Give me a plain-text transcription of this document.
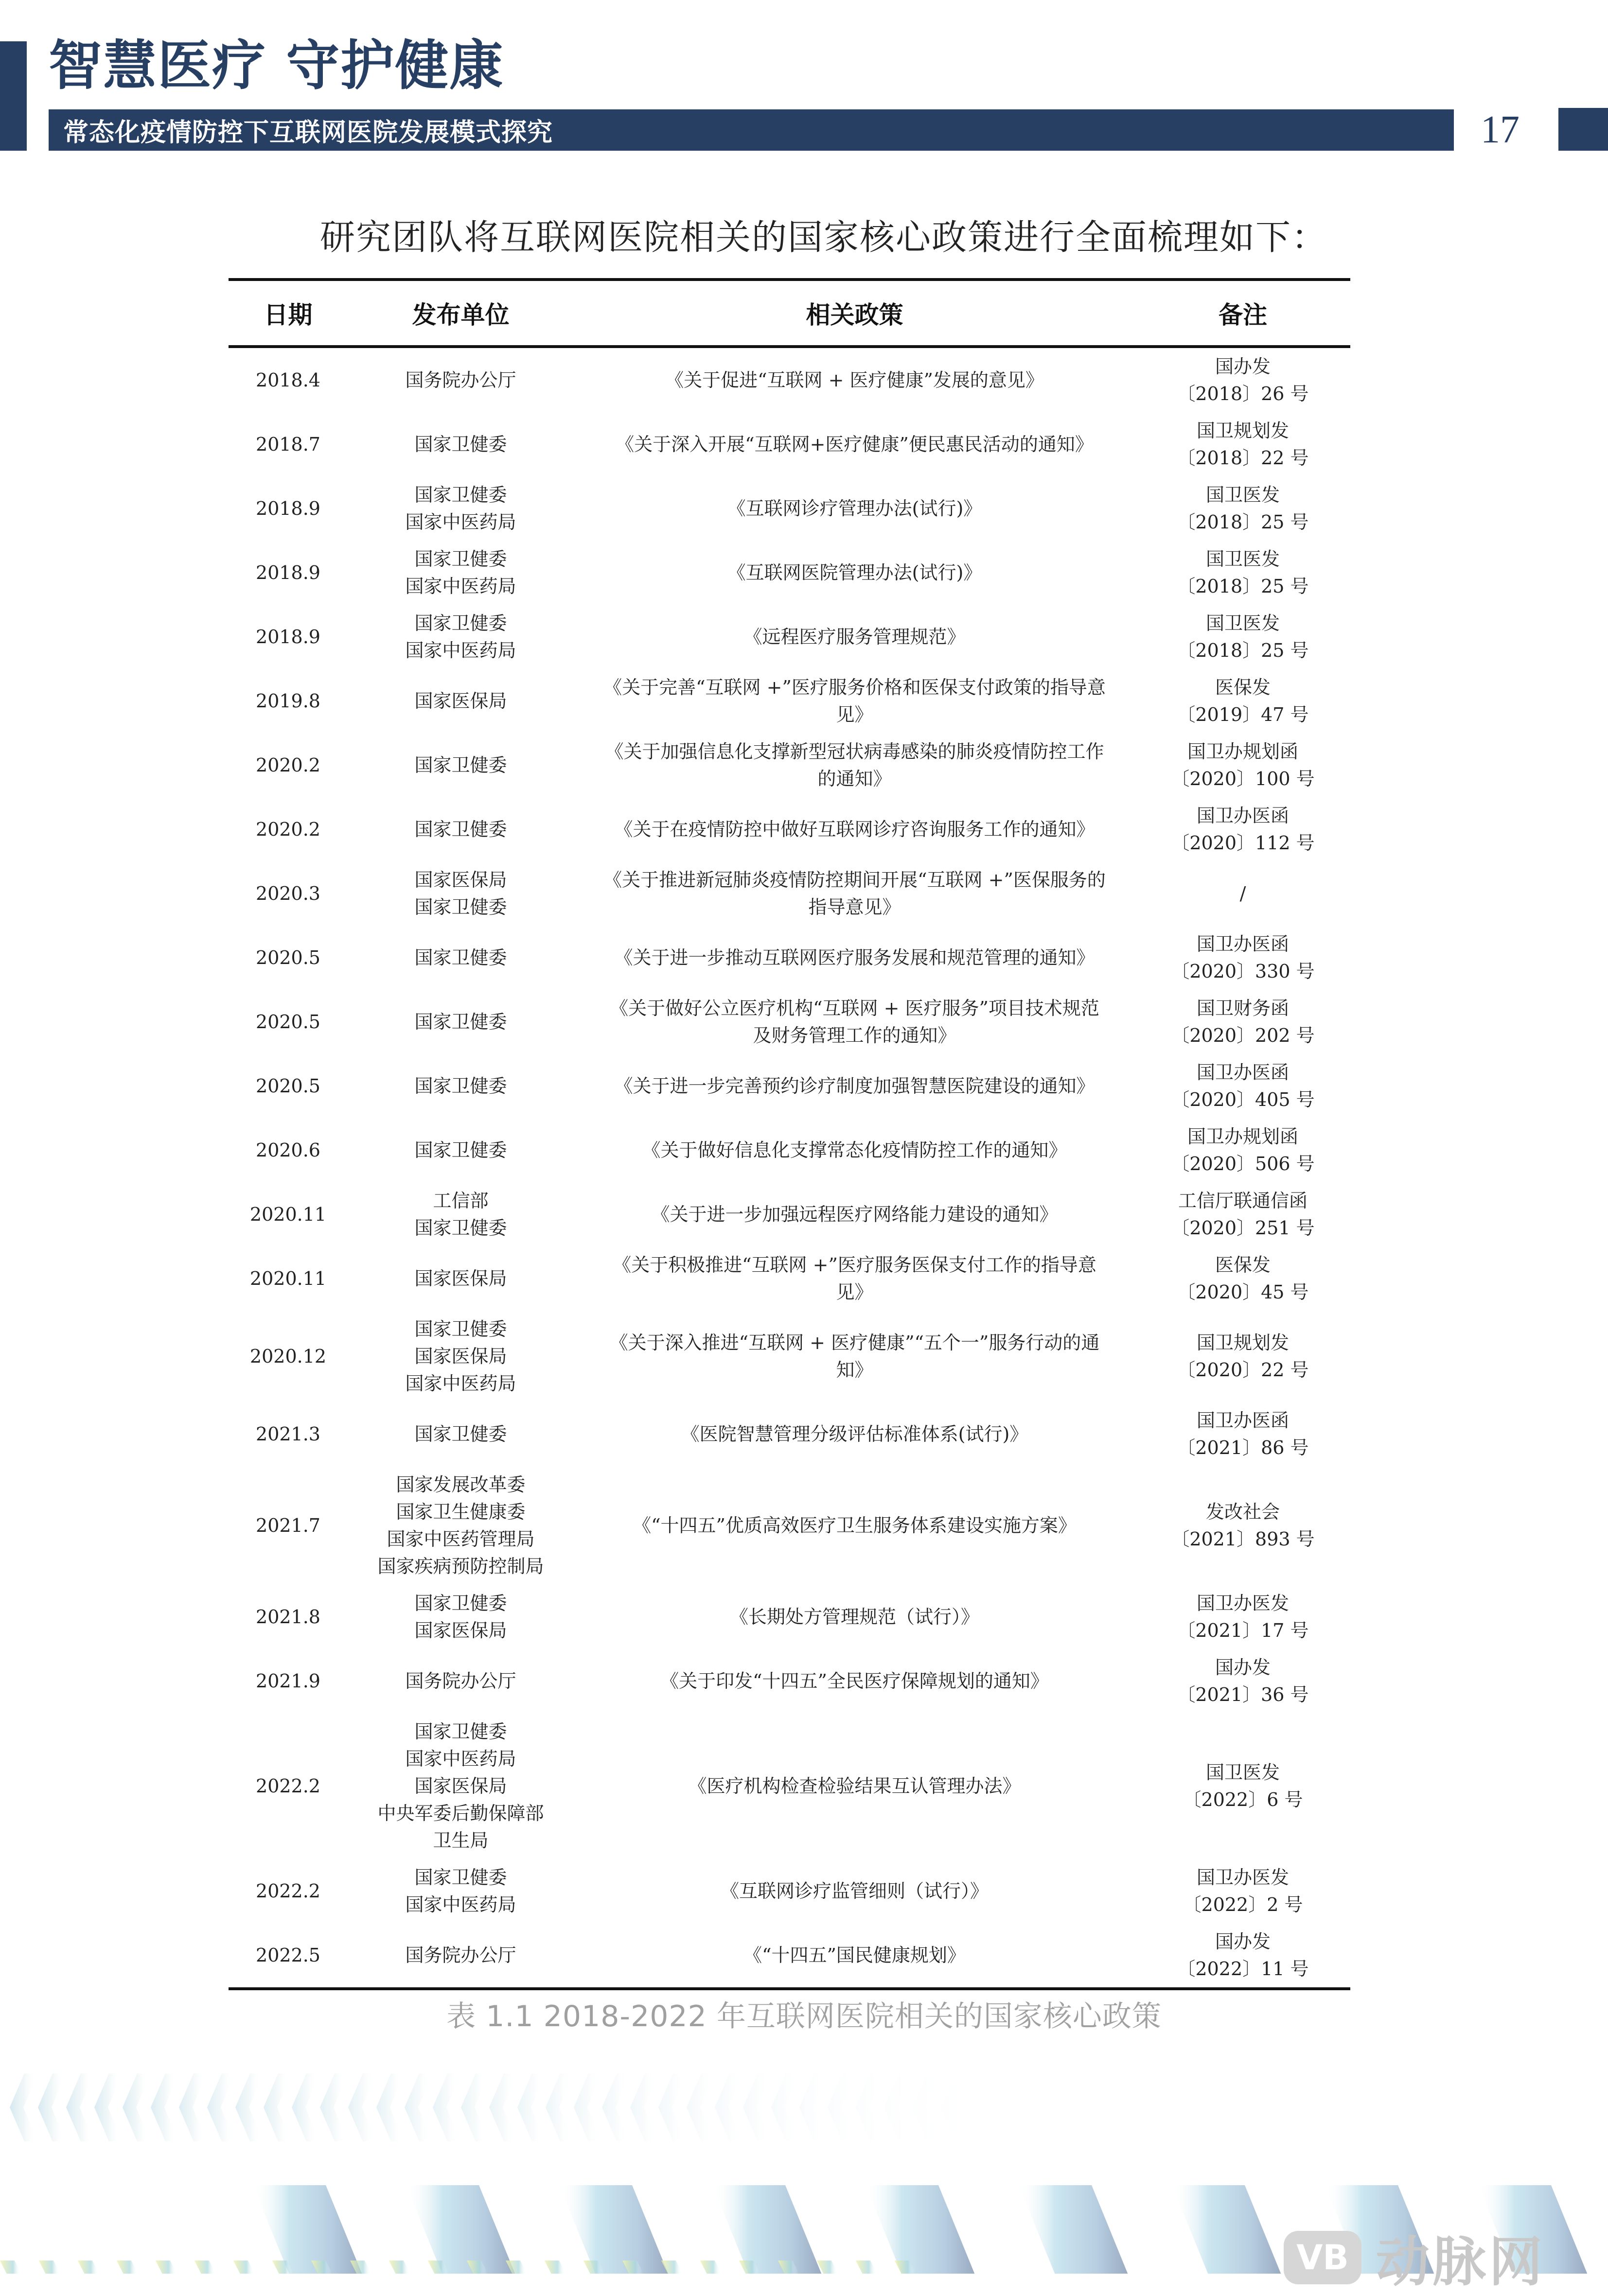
智慧医疗 守护健康
常态化疫情防控下互联网医院发展模式探究	17

研究团队将互联网医院相关的国家核心政策进行全面梳理如下：

日期	发布单位	相关政策	备注
2018.4	国务院办公厅	《关于促进“互联网 + 医疗健康”发展的意见》	国办发
〔2018〕26 号

2018.7	国家卫健委	《关于深入开展“互联网+医疗健康”便民惠民活动的通知》	国卫规划发
〔2018〕22 号

2018.9	国家卫健委
国家中医药局	《互联网诊疗管理办法(试行)》	国卫医发
〔2018〕25 号

2018.9	国家卫健委
国家中医药局	《互联网医院管理办法(试行)》	国卫医发
〔2018〕25 号

2018.9	国家卫健委
国家中医药局	《远程医疗服务管理规范》	国卫医发
〔2018〕25 号

2019.8	国家医保局	《关于完善“互联网 +”医疗服务价格和医保支付政策的指导意见》	医保发
〔2019〕47 号

2020.2	国家卫健委	《关于加强信息化支撑新型冠状病毒感染的肺炎疫情防控工作的通知》	国卫办规划函
〔2020〕100 号

2020.2	国家卫健委	《关于在疫情防控中做好互联网诊疗咨询服务工作的通知》	国卫办医函
〔2020〕112 号

2020.3	国家医保局
国家卫健委	《关于推进新冠肺炎疫情防控期间开展“互联网 +”医保服务的指导意见》	/

2020.5	国家卫健委	《关于进一步推动互联网医疗服务发展和规范管理的通知》	国卫办医函
〔2020〕330 号

2020.5	国家卫健委	《关于做好公立医疗机构“互联网 + 医疗服务”项目技术规范及财务管理工作的通知》	国卫财务函
〔2020〕202 号

2020.5	国家卫健委	《关于进一步完善预约诊疗制度加强智慧医院建设的通知》	国卫办医函
〔2020〕405 号

2020.6	国家卫健委	《关于做好信息化支撑常态化疫情防控工作的通知》	国卫办规划函
〔2020〕506 号

2020.11	工信部
国家卫健委	《关于进一步加强远程医疗网络能力建设的通知》	工信厅联通信函
〔2020〕251 号

2020.11	国家医保局	《关于积极推进“互联网 +”医疗服务医保支付工作的指导意见》	医保发
〔2020〕45 号

2020.12	国家卫健委
国家医保局
国家中医药局	《关于深入推进“互联网 + 医疗健康”“五个一”服务行动的通知》	国卫规划发
〔2020〕22 号

2021.3	国家卫健委	《医院智慧管理分级评估标准体系(试行)》	国卫办医函
〔2021〕86 号

2021.7	国家发展改革委
国家卫生健康委
国家中医药管理局
国家疾病预防控制局	《“十四五”优质高效医疗卫生服务体系建设实施方案》	发改社会
〔2021〕893 号

2021.8	国家卫健委
国家医保局	《长期处方管理规范（试行）》	国卫办医发
〔2021〕17 号

2021.9	国务院办公厅	《关于印发“十四五”全民医疗保障规划的通知》	国办发
〔2021〕36 号

2022.2	国家卫健委
国家中医药局
国家医保局
中央军委后勤保障部
卫生局	《医疗机构检查检验结果互认管理办法》	国卫医发
〔2022〕6 号

2022.2	国家卫健委
国家中医药局	《互联网诊疗监管细则（试行）》	国卫办医发
〔2022〕2 号

2022.5	国务院办公厅	《“十四五”国民健康规划》	国办发
〔2022〕11 号
表 1.1 2018-2022 年互联网医院相关的国家核心政策
VB 动脉网
